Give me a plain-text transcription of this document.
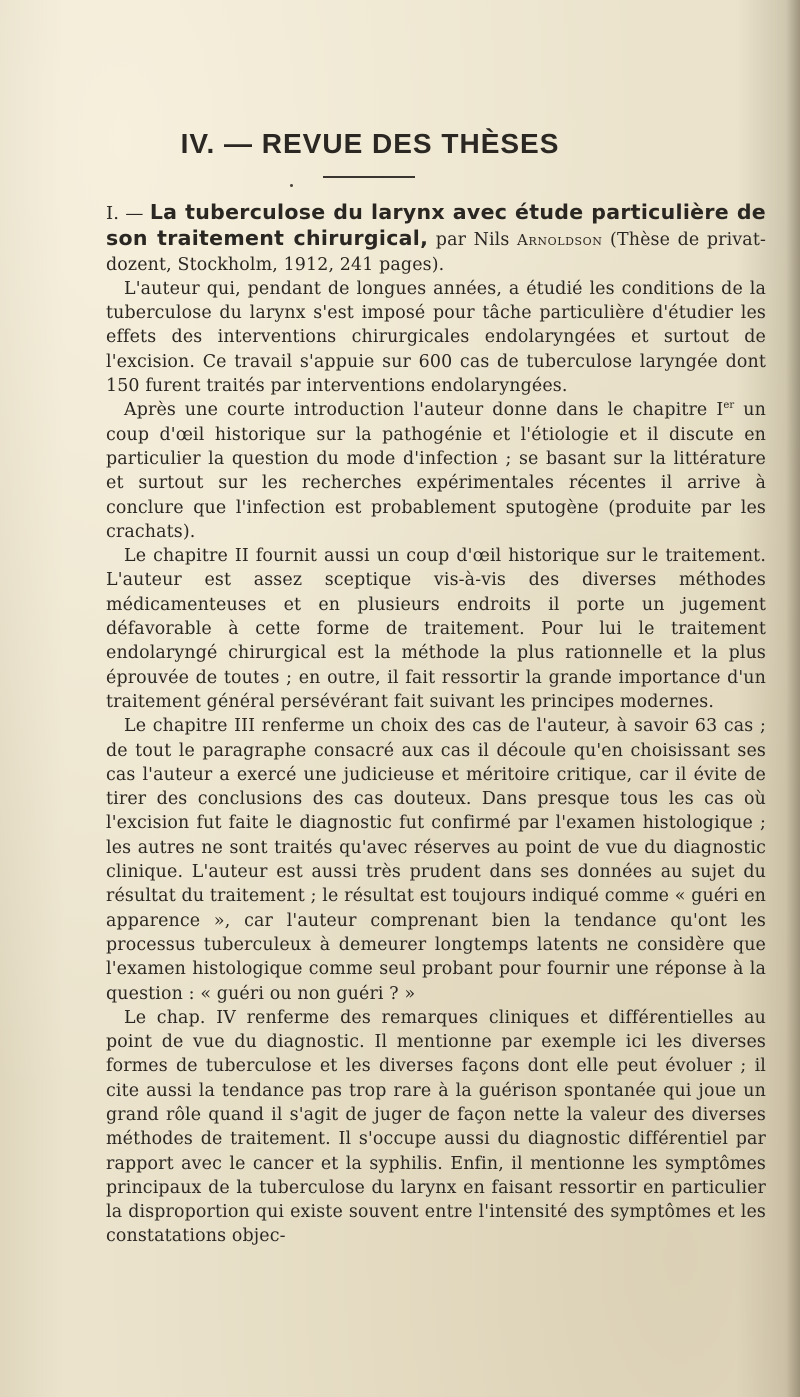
IV. — REVUE DES THÈSES

I. — La tuberculose du larynx avec étude particulière de son traitement chirurgical, par Nils Arnoldson (Thèse de privat-dozent, Stockholm, 1912, 241 pages).

L'auteur qui, pendant de longues années, a étudié les conditions de la tuberculose du larynx s'est imposé pour tâche particulière d'étudier les effets des interventions chirurgicales endolaryngées et surtout de l'excision. Ce travail s'appuie sur 600 cas de tuberculose laryngée dont 150 furent traités par interventions endolaryngées.

Après une courte introduction l'auteur donne dans le chapitre Ier un coup d'œil historique sur la pathogénie et l'étiologie et il discute en particulier la question du mode d'infection ; se basant sur la littérature et surtout sur les recherches expérimentales récentes il arrive à conclure que l'infection est probablement sputogène (produite par les crachats).

Le chapitre II fournit aussi un coup d'œil historique sur le traitement. L'auteur est assez sceptique vis-à-vis des diverses méthodes médicamenteuses et en plusieurs endroits il porte un jugement défavorable à cette forme de traitement. Pour lui le traitement endolaryngé chirurgical est la méthode la plus rationnelle et la plus éprouvée de toutes ; en outre, il fait ressortir la grande importance d'un traitement général persévérant fait suivant les principes modernes.

Le chapitre III renferme un choix des cas de l'auteur, à savoir 63 cas ; de tout le paragraphe consacré aux cas il découle qu'en choisissant ses cas l'auteur a exercé une judicieuse et méritoire critique, car il évite de tirer des conclusions des cas douteux. Dans presque tous les cas où l'excision fut faite le diagnostic fut confirmé par l'examen histologique ; les autres ne sont traités qu'avec réserves au point de vue du diagnostic clinique. L'auteur est aussi très prudent dans ses données au sujet du résultat du traitement ; le résultat est toujours indiqué comme « guéri en apparence », car l'auteur comprenant bien la tendance qu'ont les processus tuberculeux à demeurer longtemps latents ne considère que l'examen histologique comme seul probant pour fournir une réponse à la question : « guéri ou non guéri ? »

Le chap. IV renferme des remarques cliniques et différentielles au point de vue du diagnostic. Il mentionne par exemple ici les diverses formes de tuberculose et les diverses façons dont elle peut évoluer ; il cite aussi la tendance pas trop rare à la guérison spontanée qui joue un grand rôle quand il s'agit de juger de façon nette la valeur des diverses méthodes de traitement. Il s'occupe aussi du diagnostic différentiel par rapport avec le cancer et la syphilis. Enfin, il mentionne les symptômes principaux de la tuberculose du larynx en faisant ressortir en particulier la disproportion qui existe souvent entre l'intensité des symptômes et les constatations objec-
